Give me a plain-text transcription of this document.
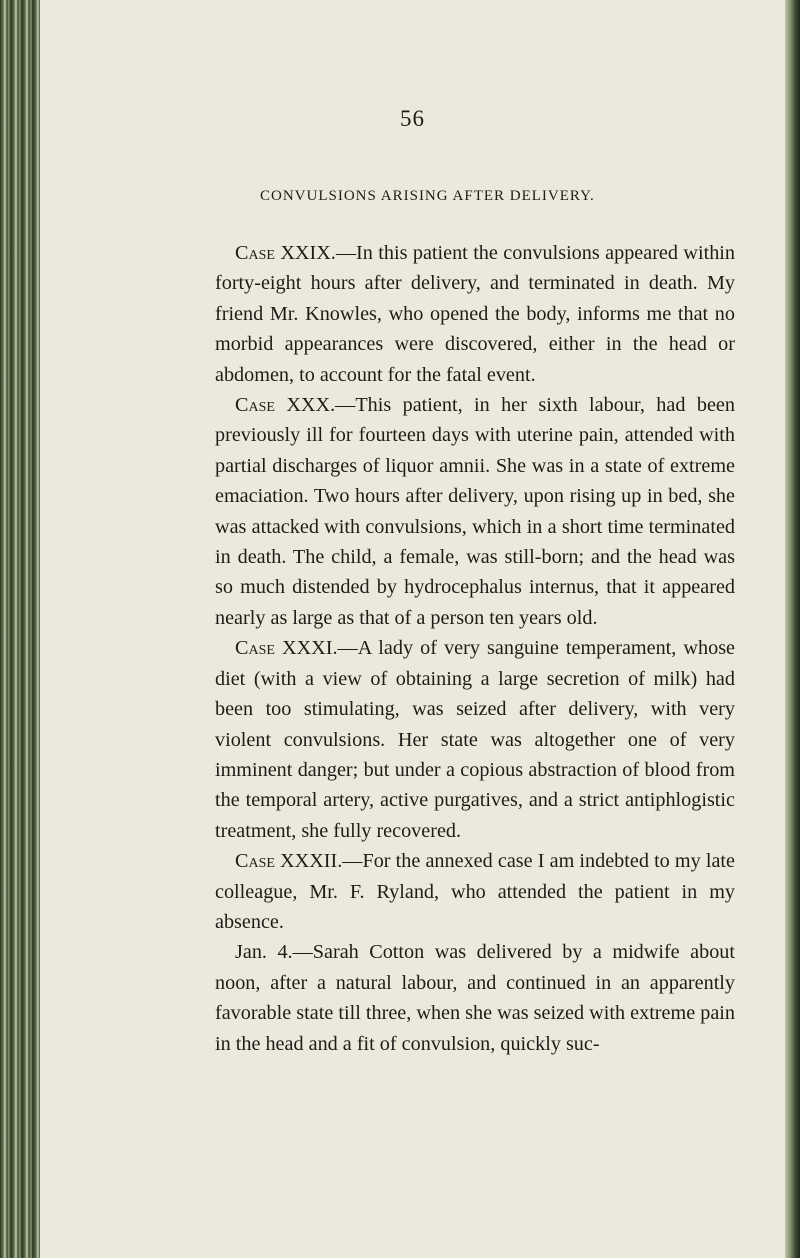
56
CONVULSIONS ARISING AFTER DELIVERY.

Case XXIX.—In this patient the convulsions appeared within forty-eight hours after delivery, and terminated in death. My friend Mr. Knowles, who opened the body, informs me that no morbid appearances were discovered, either in the head or abdomen, to account for the fatal event.

Case XXX.—This patient, in her sixth labour, had been previously ill for fourteen days with uterine pain, attended with partial discharges of liquor amnii. She was in a state of extreme emaciation. Two hours after delivery, upon rising up in bed, she was attacked with convulsions, which in a short time terminated in death. The child, a female, was still-born; and the head was so much distended by hydrocephalus internus, that it appeared nearly as large as that of a person ten years old.

Case XXXI.—A lady of very sanguine temperament, whose diet (with a view of obtaining a large secretion of milk) had been too stimulating, was seized after delivery, with very violent convulsions. Her state was altogether one of very imminent danger; but under a copious abstraction of blood from the temporal artery, active purgatives, and a strict antiphlogistic treatment, she fully recovered.

Case XXXII.—For the annexed case I am indebted to my late colleague, Mr. F. Ryland, who attended the patient in my absence.

Jan. 4.—Sarah Cotton was delivered by a midwife about noon, after a natural labour, and continued in an apparently favorable state till three, when she was seized with extreme pain in the head and a fit of convulsion, quickly suc-
